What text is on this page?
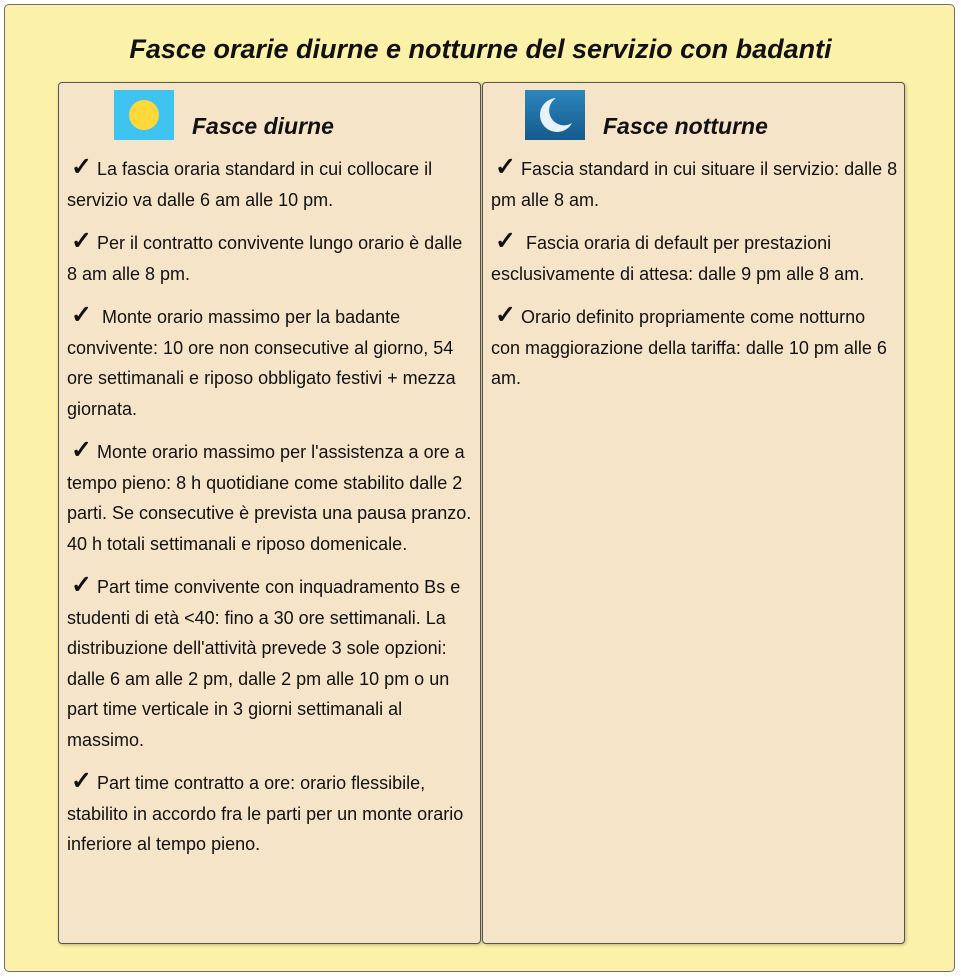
Fasce orarie diurne e notturne del servizio con badanti
Fasce diurne
✓ La fascia oraria standard in cui collocare il servizio va dalle 6 am alle 10 pm.
✓ Per il contratto convivente lungo orario è dalle 8 am alle 8 pm.
✓ Monte orario massimo per la badante convivente: 10 ore non consecutive al giorno, 54 ore settimanali e riposo obbligato festivi + mezza giornata.
✓ Monte orario massimo per l'assistenza a ore a tempo pieno: 8 h quotidiane come stabilito dalle 2 parti. Se consecutive è prevista una pausa pranzo. 40 h totali settimanali e riposo domenicale.
✓ Part time convivente con inquadramento Bs e studenti di età <40: fino a 30 ore settimanali. La distribuzione dell'attività prevede 3 sole opzioni: dalle 6 am alle 2 pm, dalle 2 pm alle 10 pm o un part time verticale in 3 giorni settimanali al massimo.
✓ Part time contratto a ore: orario flessibile, stabilito in accordo fra le parti per un monte orario inferiore al tempo pieno.
Fasce notturne
✓ Fascia standard in cui situare il servizio: dalle 8 pm alle 8 am.
✓ Fascia oraria di default per prestazioni esclusivamente di attesa: dalle 9 pm alle 8 am.
✓ Orario definito propriamente come notturno con maggiorazione della tariffa: dalle 10 pm alle 6 am.
